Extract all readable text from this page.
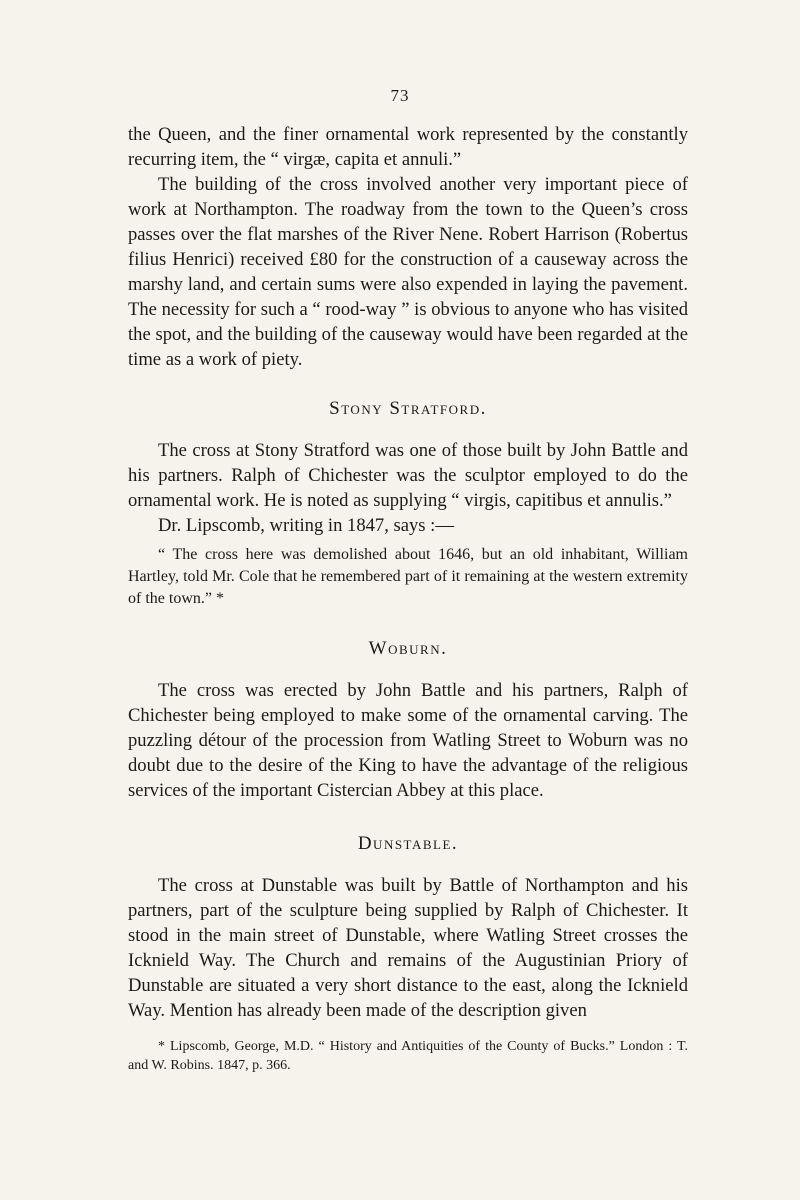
73

the Queen, and the finer ornamental work represented by the constantly recurring item, the “ virgæ, capita et annuli.”

The building of the cross involved another very important piece of work at Northampton. The roadway from the town to the Queen’s cross passes over the flat marshes of the River Nene. Robert Harrison (Robertus filius Henrici) received £80 for the construction of a causeway across the marshy land, and certain sums were also expended in laying the pavement. The necessity for such a “ rood-way ” is obvious to anyone who has visited the spot, and the building of the causeway would have been regarded at the time as a work of piety.

Stony Stratford.

The cross at Stony Stratford was one of those built by John Battle and his partners. Ralph of Chichester was the sculptor employed to do the ornamental work. He is noted as supplying “ virgis, capitibus et annulis.”

Dr. Lipscomb, writing in 1847, says :—

“ The cross here was demolished about 1646, but an old inhabitant, William Hartley, told Mr. Cole that he remembered part of it remaining at the western extremity of the town.” *

Woburn.

The cross was erected by John Battle and his partners, Ralph of Chichester being employed to make some of the ornamental carving. The puzzling détour of the procession from Watling Street to Woburn was no doubt due to the desire of the King to have the advantage of the religious services of the important Cistercian Abbey at this place.

Dunstable.

The cross at Dunstable was built by Battle of Northampton and his partners, part of the sculpture being supplied by Ralph of Chichester. It stood in the main street of Dunstable, where Watling Street crosses the Icknield Way. The Church and remains of the Augustinian Priory of Dunstable are situated a very short distance to the east, along the Icknield Way. Mention has already been made of the description given

* Lipscomb, George, M.D. “ History and Antiquities of the County of Bucks.” London : T. and W. Robins. 1847, p. 366.
